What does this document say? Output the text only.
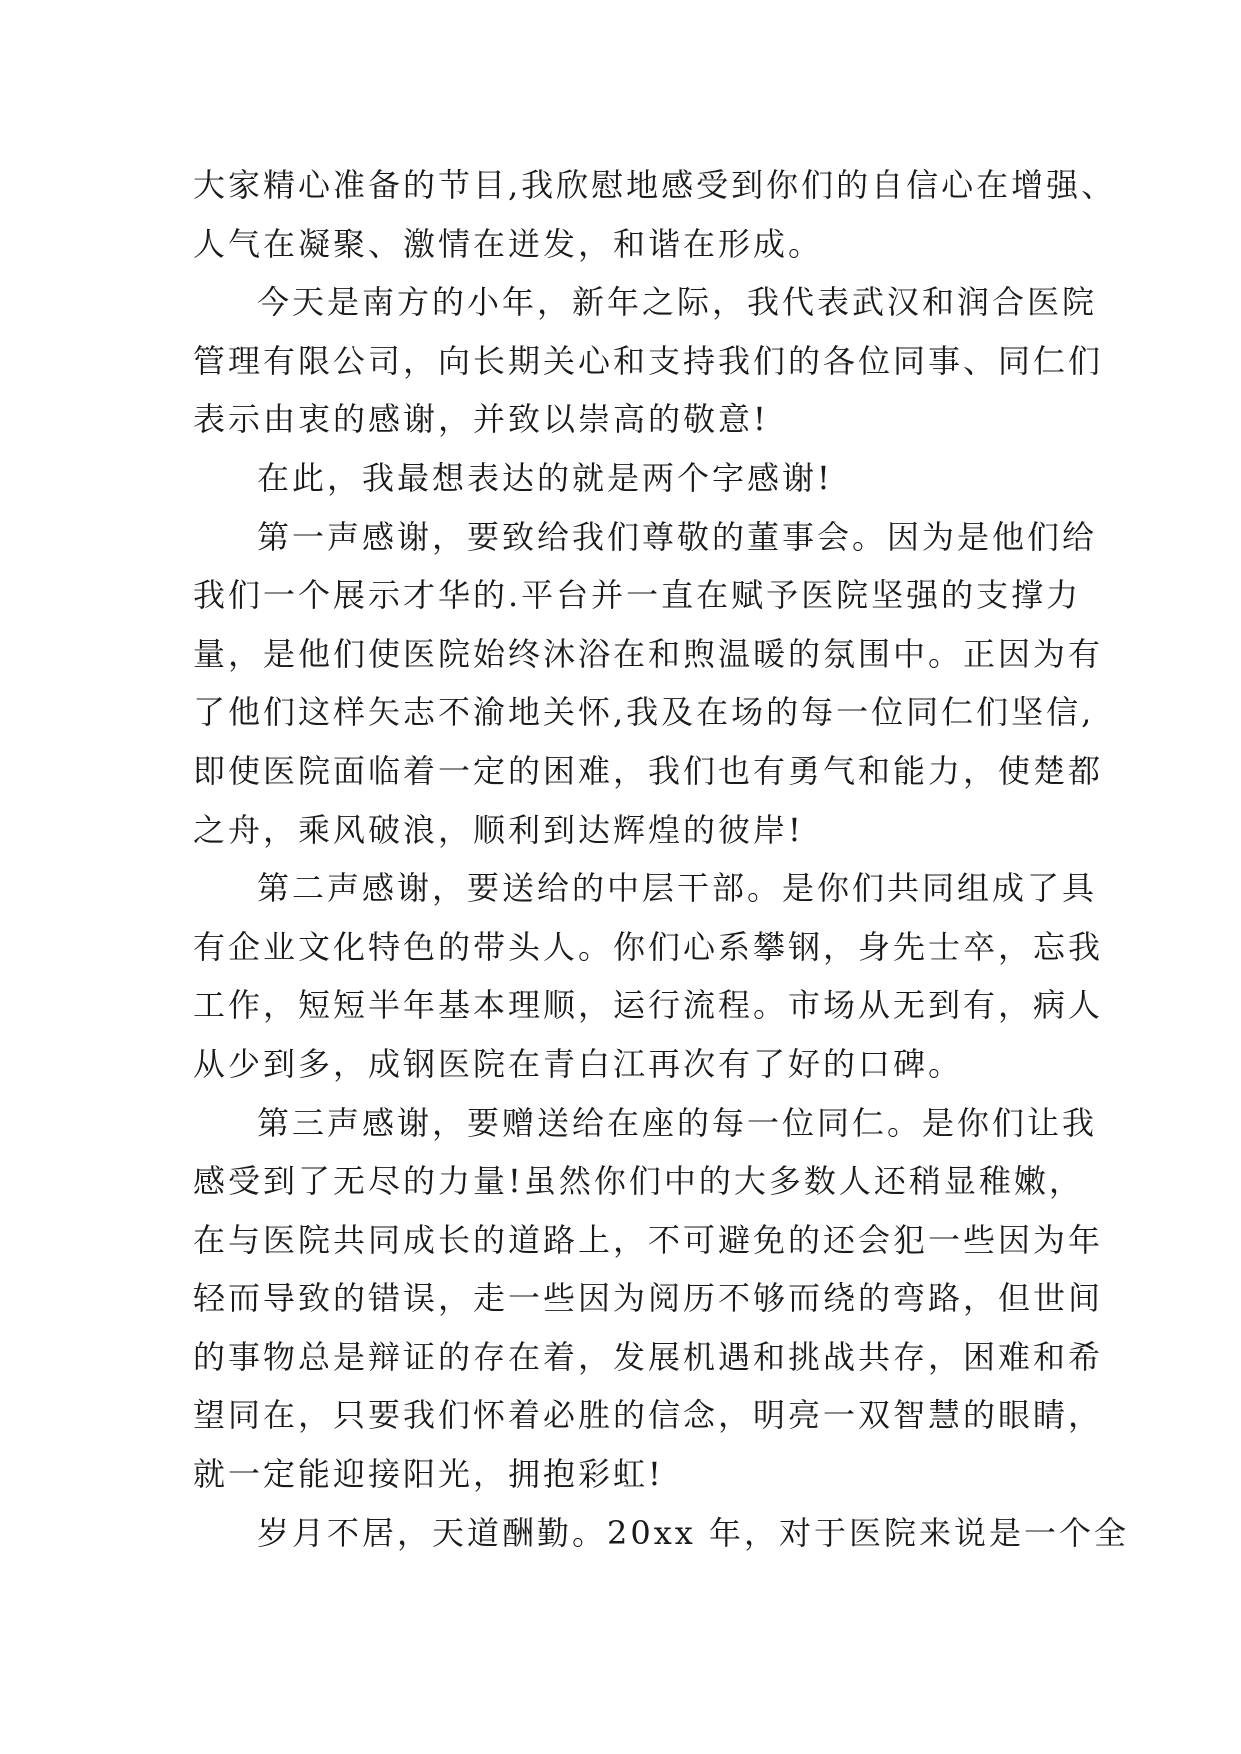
大家精心准备的节目,我欣慰地感受到你们的自信心在增强、
人气在凝聚、激情在迸发，和谐在形成。
今天是南方的小年，新年之际，我代表武汉和润合医院
管理有限公司，向长期关心和支持我们的各位同事、同仁们
表示由衷的感谢，并致以崇高的敬意!
在此，我最想表达的就是两个字感谢!
第一声感谢，要致给我们尊敬的董事会。因为是他们给
我们一个展示才华的.平台并一直在赋予医院坚强的支撑力
量，是他们使医院始终沐浴在和煦温暖的氛围中。正因为有
了他们这样矢志不渝地关怀,我及在场的每一位同仁们坚信,
即使医院面临着一定的困难，我们也有勇气和能力，使楚都
之舟，乘风破浪，顺利到达辉煌的彼岸!
第二声感谢，要送给的中层干部。是你们共同组成了具
有企业文化特色的带头人。你们心系攀钢，身先士卒，忘我
工作，短短半年基本理顺，运行流程。市场从无到有，病人
从少到多，成钢医院在青白江再次有了好的口碑。
第三声感谢，要赠送给在座的每一位同仁。是你们让我
感受到了无尽的力量!虽然你们中的大多数人还稍显稚嫩，
在与医院共同成长的道路上，不可避免的还会犯一些因为年
轻而导致的错误，走一些因为阅历不够而绕的弯路，但世间
的事物总是辩证的存在着，发展机遇和挑战共存，困难和希
望同在，只要我们怀着必胜的信念，明亮一双智慧的眼睛，
就一定能迎接阳光，拥抱彩虹!
岁月不居，天道酬勤。20xx 年，对于医院来说是一个全
